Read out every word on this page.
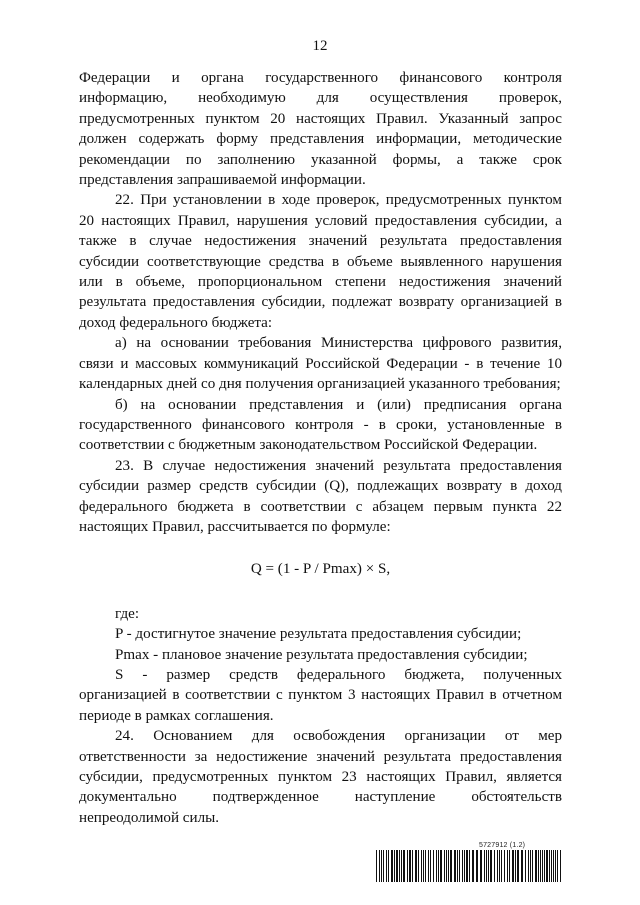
12

Федерации и органа государственного финансового контроля информацию, необходимую для осуществления проверок, предусмотренных пунктом 20 настоящих Правил. Указанный запрос должен содержать форму представления информации, методические рекомендации по заполнению указанной формы, а также срок представления запрашиваемой информации.

22. При установлении в ходе проверок, предусмотренных пунктом 20 настоящих Правил, нарушения условий предоставления субсидии, а также в случае недостижения значений результата предоставления субсидии соответствующие средства в объеме выявленного нарушения или в объеме, пропорциональном степени недостижения значений результата предоставления субсидии, подлежат возврату организацией в доход федерального бюджета:

а) на основании требования Министерства цифрового развития, связи и массовых коммуникаций Российской Федерации - в течение 10 календарных дней со дня получения организацией указанного требования;

б) на основании представления и (или) предписания органа государственного финансового контроля - в сроки, установленные в соответствии с бюджетным законодательством Российской Федерации.

23. В случае недостижения значений результата предоставления субсидии размер средств субсидии (Q), подлежащих возврату в доход федерального бюджета в соответствии с абзацем первым пункта 22 настоящих Правил, рассчитывается по формуле:

Q = (1 - P / Pmax) × S,

где:

P - достигнутое значение результата предоставления субсидии;

Pmax - плановое значение результата предоставления субсидии;

S - размер средств федерального бюджета, полученных организацией в соответствии с пунктом 3 настоящих Правил в отчетном периоде в рамках соглашения.

24. Основанием для освобождения организации от мер ответственности за недостижение значений результата предоставления субсидии, предусмотренных пунктом 23 настоящих Правил, является документально подтвержденное наступление обстоятельств непреодолимой силы.

5727912 (1.2)
